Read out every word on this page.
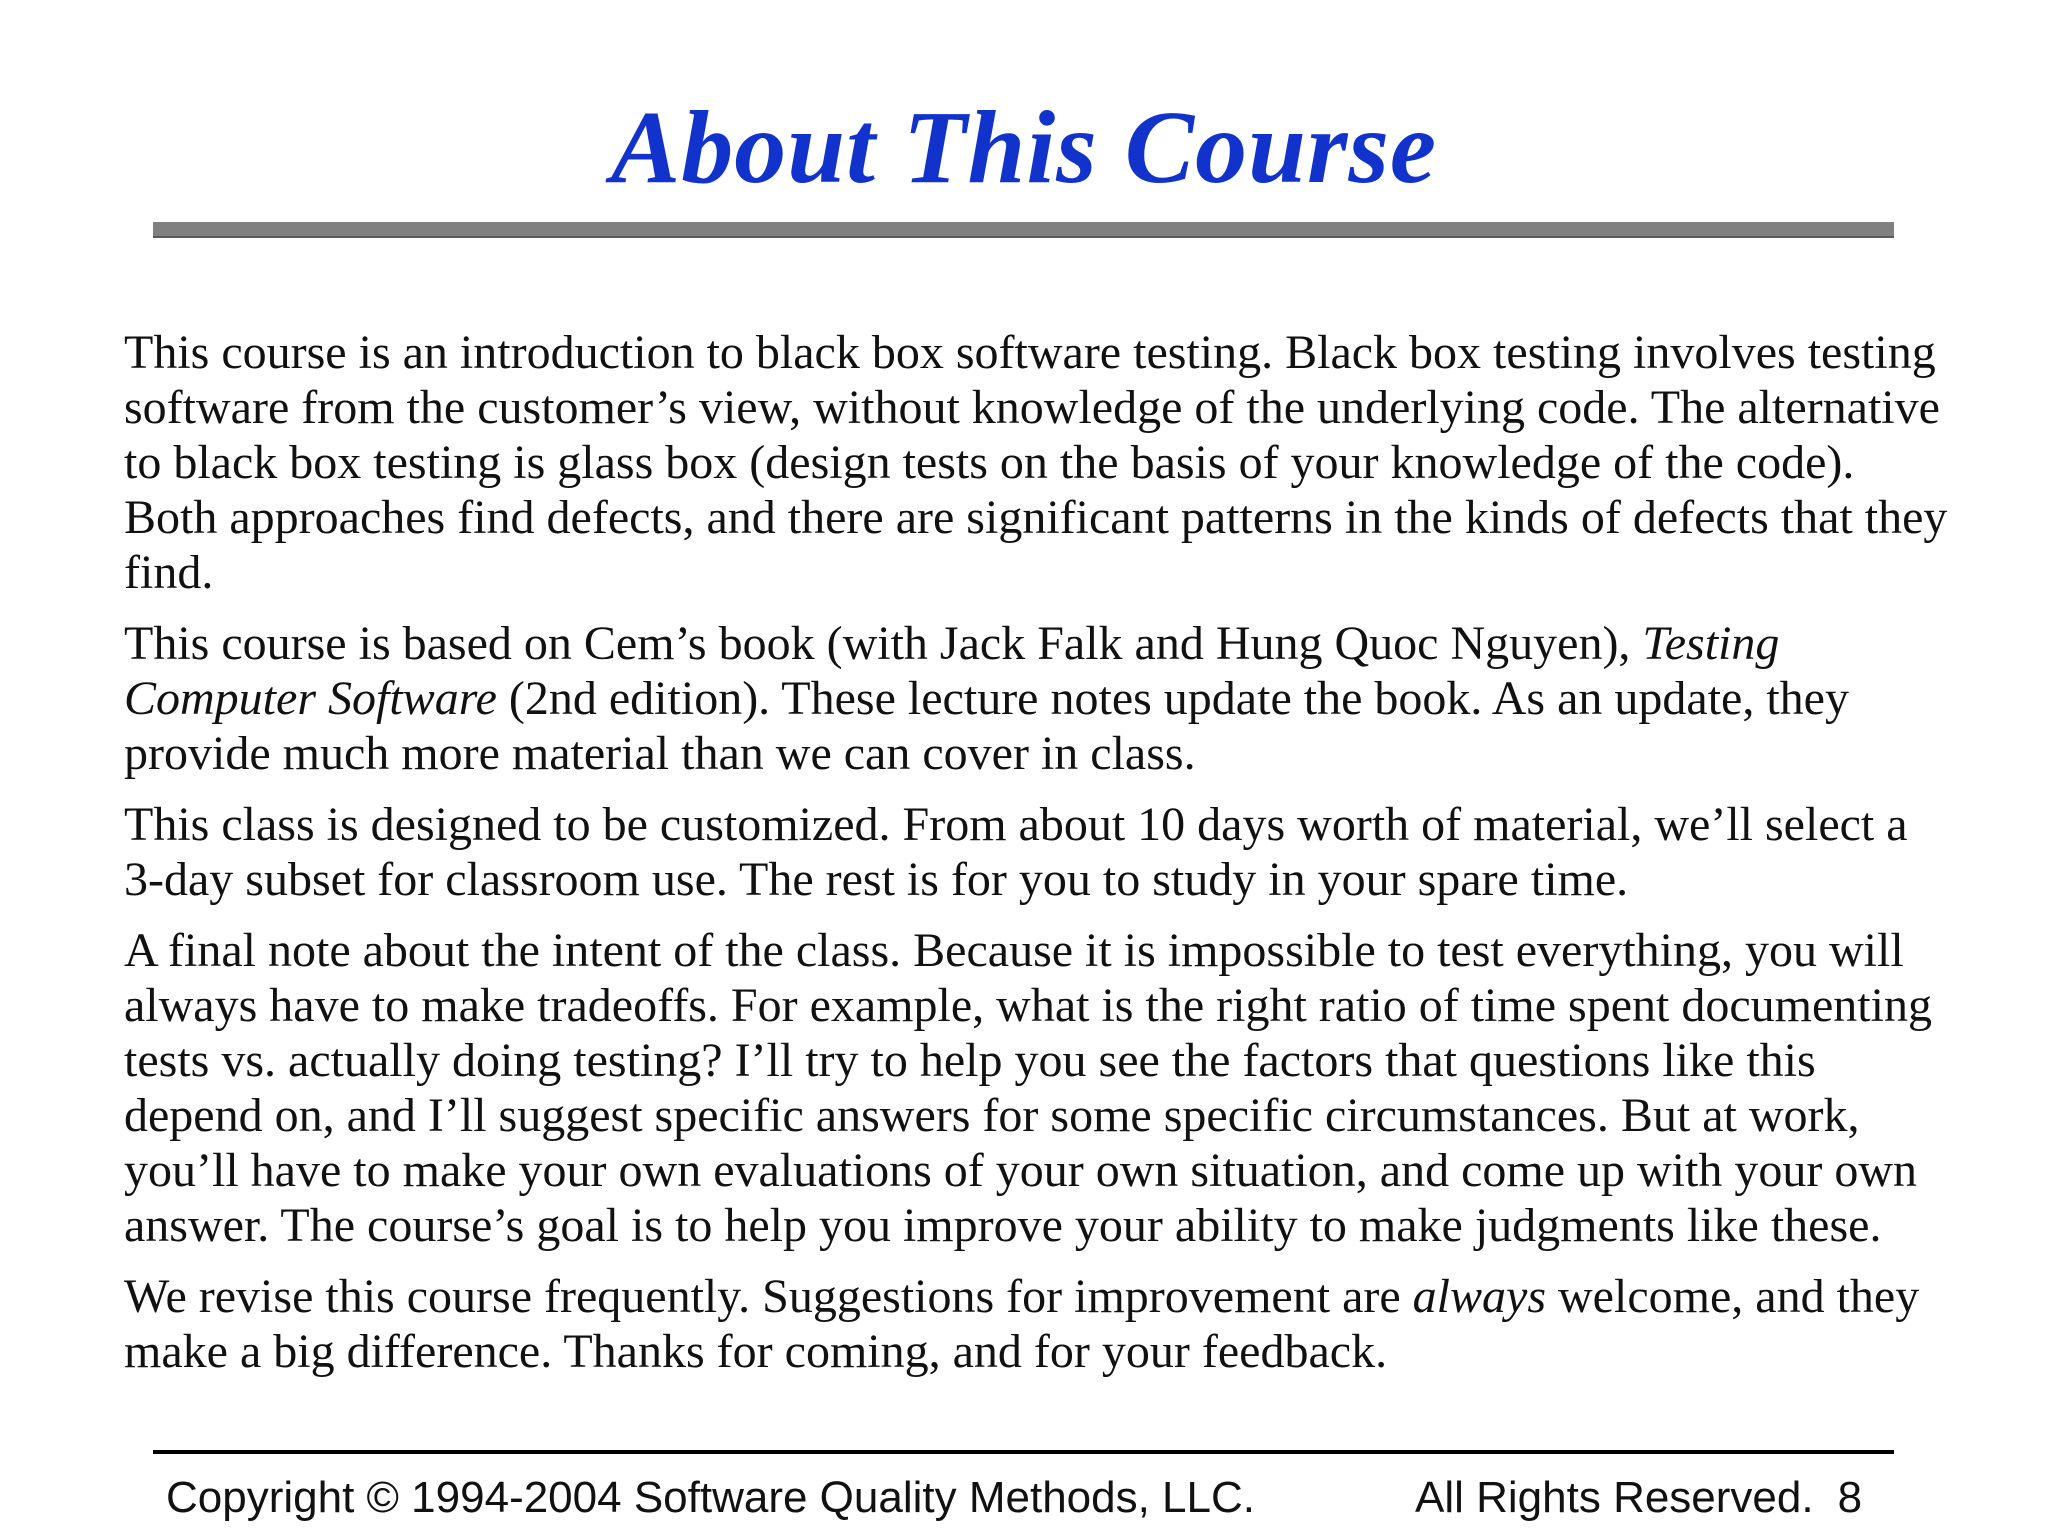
About This Course

This course is an introduction to black box software testing. Black box testing involves testing software from the customer’s view, without knowledge of the underlying code. The alternative to black box testing is glass box (design tests on the basis of your knowledge of the code). Both approaches find defects, and there are significant patterns in the kinds of defects that they find.

This course is based on Cem’s book (with Jack Falk and Hung Quoc Nguyen), Testing Computer Software (2nd edition). These lecture notes update the book. As an update, they provide much more material than we can cover in class.

This class is designed to be customized. From about 10 days worth of material, we’ll select a 3-day subset for classroom use. The rest is for you to study in your spare time.

A final note about the intent of the class. Because it is impossible to test everything, you will always have to make tradeoffs. For example, what is the right ratio of time spent documenting tests vs. actually doing testing? I’ll try to help you see the factors that questions like this depend on, and I’ll suggest specific answers for some specific circumstances. But at work, you’ll have to make your own evaluations of your own situation, and come up with your own answer. The course’s goal is to help you improve your ability to make judgments like these.

We revise this course frequently. Suggestions for improvement are always welcome, and they make a big difference. Thanks for coming, and for your feedback.

Copyright © 1994-2004 Software Quality Methods, LLC.	All Rights Reserved. 8
